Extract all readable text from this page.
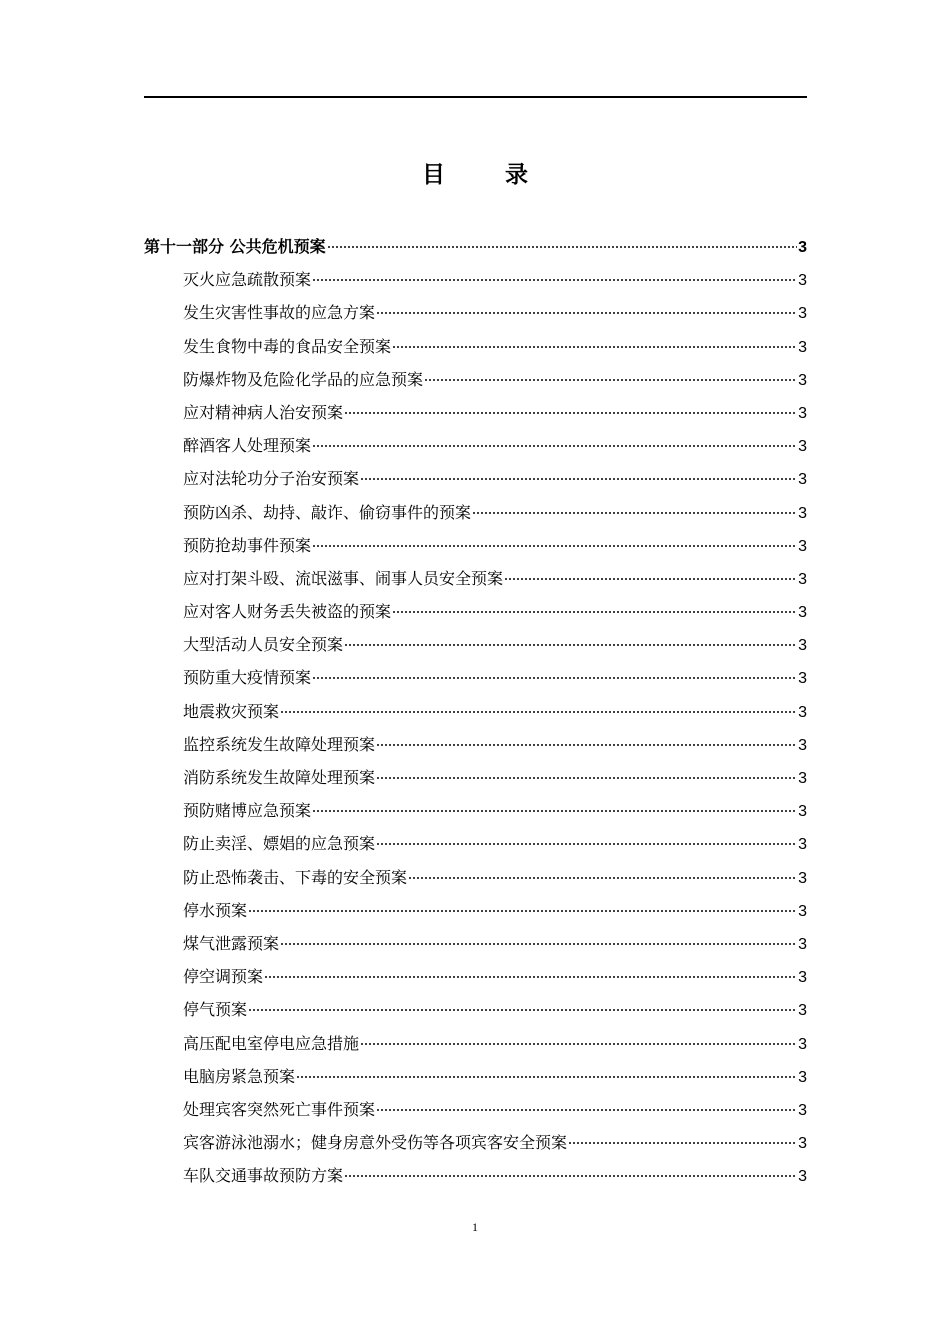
目 录
第十一部分 公共危机预案	3
灭火应急疏散预案	3
发生灾害性事故的应急方案	3
发生食物中毒的食品安全预案	3
防爆炸物及危险化学品的应急预案	3
应对精神病人治安预案	3
醉酒客人处理预案	3
应对法轮功分子治安预案	3
预防凶杀、劫持、敲诈、偷窃事件的预案	3
预防抢劫事件预案	3
应对打架斗殴、流氓滋事、闹事人员安全预案	3
应对客人财务丢失被盗的预案	3
大型活动人员安全预案	3
预防重大疫情预案	3
地震救灾预案	3
监控系统发生故障处理预案	3
消防系统发生故障处理预案	3
预防赌博应急预案	3
防止卖淫、嫖娼的应急预案	3
防止恐怖袭击、下毒的安全预案	3
停水预案	3
煤气泄露预案	3
停空调预案	3
停气预案	3
高压配电室停电应急措施	3
电脑房紧急预案	3
处理宾客突然死亡事件预案	3
宾客游泳池溺水；健身房意外受伤等各项宾客安全预案	3
车队交通事故预防方案	3
1
